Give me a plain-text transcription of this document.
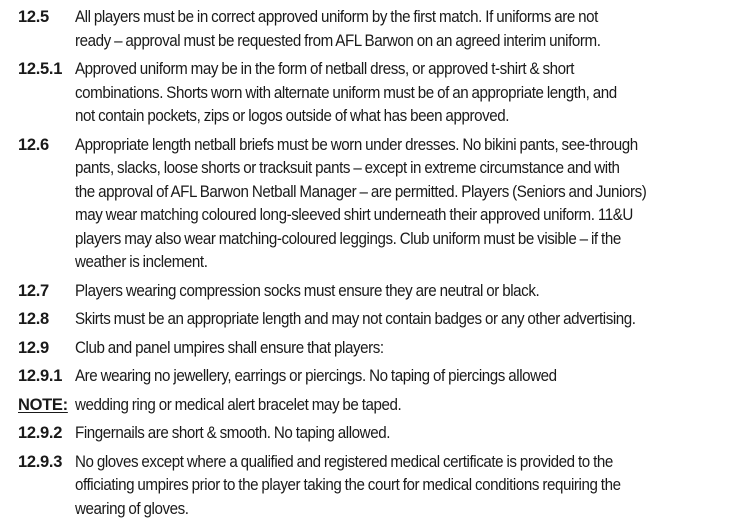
12.5	All players must be in correct approved uniform by the first match. If uniforms are not
ready – approval must be requested from AFL Barwon on an agreed interim uniform.
12.5.1 Approved uniform may be in the form of netball dress, or approved t-shirt & short
combinations. Shorts worn with alternate uniform must be of an appropriate length, and
not contain pockets, zips or logos outside of what has been approved.
12.6	Appropriate length netball briefs must be worn under dresses. No bikini pants, see-through
pants, slacks, loose shorts or tracksuit pants – except in extreme circumstance and with
the approval of AFL Barwon Netball Manager – are permitted. Players (Seniors and Juniors)
may wear matching coloured long-sleeved shirt underneath their approved uniform. 11&U
players may also wear matching-coloured leggings. Club uniform must be visible – if the
weather is inclement.
12.7	Players wearing compression socks must ensure they are neutral or black.
12.8	Skirts must be an appropriate length and may not contain badges or any other advertising.
12.9	Club and panel umpires shall ensure that players:
12.9.1 Are wearing no jewellery, earrings or piercings. No taping of piercings allowed
NOTE: wedding ring or medical alert bracelet may be taped.
12.9.2 Fingernails are short & smooth. No taping allowed.
12.9.3 No gloves except where a qualified and registered medical certificate is provided to the
officiating umpires prior to the player taking the court for medical conditions requiring the
wearing of gloves.
